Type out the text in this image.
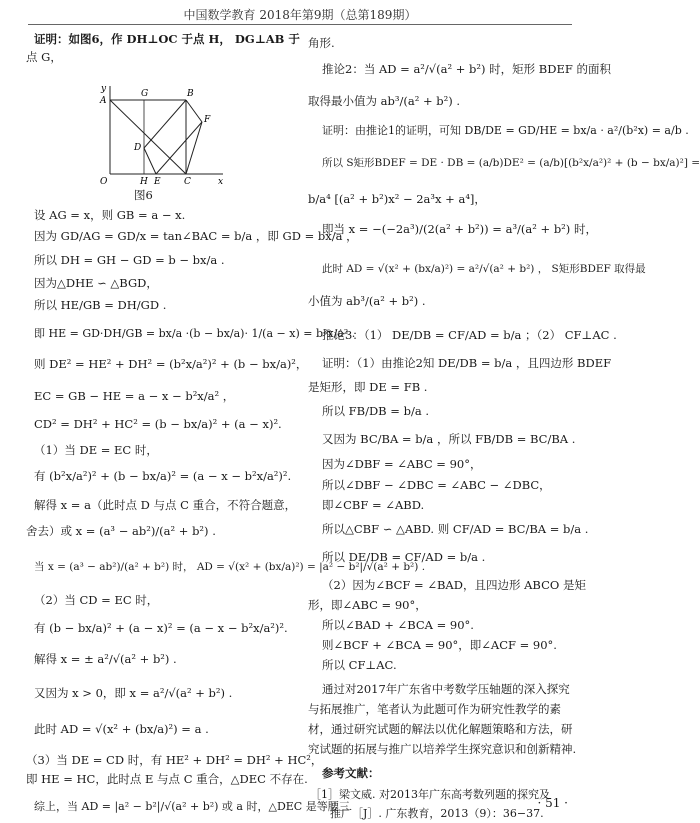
中国数学教育 2018年第9期（总第189期）
证明：如图6，作 DH⊥OC 于点 H， DG⊥AB 于
点 G，
y
A
G	B
D
F
O	H E	C	x
图6
设 AG = x，则 GB = a − x.
因为 GD/AG = GD/x = tan∠BAC = b/a ，即 GD = bx/a ，
所以 DH = GH − GD = b − bx/a .
因为△DHE ∽ △BGD，
所以 HE/GB = DH/GD .
即 HE = GD·DH/GB = bx/a ·(b − bx/a)· 1/(a − x) = b²x/a² .
则 DE² = HE² + DH² = (b²x/a²)² + (b − bx/a)²，
EC = GB − HE = a − x − b²x/a² ，
CD² = DH² + HC² = (b − bx/a)² + (a − x)².
（1）当 DE = EC 时，
有 (b²x/a²)² + (b − bx/a)² = (a − x − b²x/a²)².
解得 x = a（此时点 D 与点 C 重合，不符合题意，
舍去）或 x = (a³ − ab²)/(a² + b²) .
当 x = (a³ − ab²)/(a² + b²) 时， AD = √(x² + (bx/a)²) = |a² − b²|/√(a² + b²) .
（2）当 CD = EC 时，
有 (b − bx/a)² + (a − x)² = (a − x − b²x/a²)².
解得 x = ± a²/√(a² + b²) .
又因为 x > 0，即 x = a²/√(a² + b²) .
此时 AD = √(x² + (bx/a)²) = a .
（3）当 DE = CD 时，有 HE² + DH² = DH² + HC²，
即 HE = HC，此时点 E 与点 C 重合，△DEC 不存在.
综上，当 AD = |a² − b²|/√(a² + b²) 或 a 时，△DEC 是等腰三
角形.
推论2：当 AD = a²/√(a² + b²) 时，矩形 BDEF 的面积
取得最小值为 ab³/(a² + b²) .
证明：由推论1的证明，可知 DB/DE = GD/HE = bx/a · a²/(b²x) = a/b .
所以 S矩形BDEF = DE · DB = (a/b)DE² = (a/b)[(b²x/a²)² + (b − bx/a)²] =
b/a⁴ [(a² + b²)x² − 2a³x + a⁴]，
即当 x = −(−2a³)/(2(a² + b²)) = a³/(a² + b²) 时，
此时 AD = √(x² + (bx/a)²) = a²/√(a² + b²) ， S矩形BDEF 取得最
小值为 ab³/(a² + b²) .
推论3：（1） DE/DB = CF/AD = b/a ；（2） CF⊥AC .
证明：（1）由推论2知 DE/DB = b/a ，且四边形 BDEF
是矩形，即 DE = FB .
所以 FB/DB = b/a .
又因为 BC/BA = b/a ，所以 FB/DB = BC/BA .
因为∠DBF = ∠ABC = 90°，
所以∠DBF − ∠DBC = ∠ABC − ∠DBC，
即∠CBF = ∠ABD.
所以△CBF ∽ △ABD. 则 CF/AD = BC/BA = b/a .
所以 DE/DB = CF/AD = b/a .
（2）因为∠BCF = ∠BAD，且四边形 ABCO 是矩
形，即∠ABC = 90°，
所以∠BAD + ∠BCA = 90°.
则∠BCF + ∠BCA = 90°，即∠ACF = 90°.
所以 CF⊥AC.
通过对2017年广东省中考数学压轴题的深入探究
与拓展推广，笔者认为此题可作为研究性教学的素
材，通过研究试题的解法以优化解题策略和方法，研
究试题的拓展与推广以培养学生探究意识和创新精神.
参考文献：
［1］梁文威. 对2013年广东高考数列题的探究及
推广［J］. 广东教育，2013（9）：36−37.
· 51 ·
